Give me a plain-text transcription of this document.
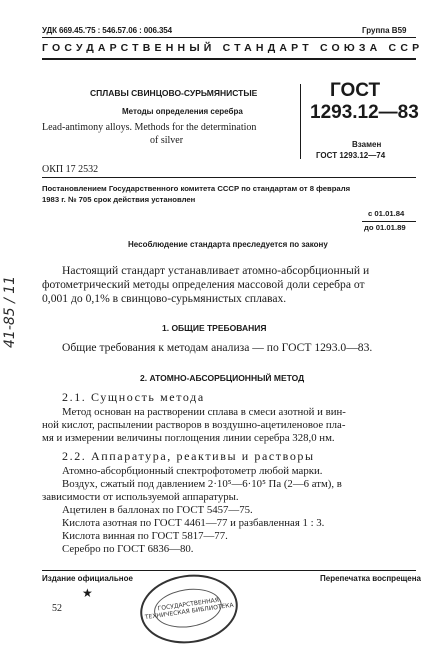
УДК 669.45.'75 : 546.57.06 : 006.354	Группа В59
ГОСУДАРСТВЕННЫЙ СТАНДАРТ СОЮЗА ССР
СПЛАВЫ СВИНЦОВО-СУРЬМЯНИСТЫЕ
Методы определения серебра
Lead-antimony alloys. Methods for the determination
of silver
ГОСТ
1293.12—83
Взамен
ГОСТ 1293.12—74
ОКП 17 2532
Постановлением Государственного комитета СССР по стандартам от 8 февраля
1983 г. № 705 срок действия установлен
с 01.01.84
до 01.01.89
Несоблюдение стандарта преследуется по закону
Настоящий стандарт устанавливает атомно-абсорбционный и
фотометрический методы определения массовой доли серебра от
0,001 до 0,1% в свинцово-сурьмянистых сплавах.
1. ОБЩИЕ ТРЕБОВАНИЯ
Общие требования к методам анализа — по ГОСТ 1293.0—83.
2. АТОМНО-АБСОРБЦИОННЫЙ МЕТОД
2.1. Сущность метода
Метод основан на растворении сплава в смеси азотной и вин-
ной кислот, распылении растворов в воздушно-ацетиленовое пла-
мя и измерении величины поглощения линии серебра 328,0 нм.
2.2. Аппаратура, реактивы и растворы
Атомно-абсорбционный спектрофотометр любой марки.
Воздух, сжатый под давлением 2·10⁵—6·10⁵ Па (2—6 атм), в
зависимости от используемой аппаратуры.
Ацетилен в баллонах по ГОСТ 5457—75.
Кислота азотная по ГОСТ 4461—77 и разбавленная 1 : 3.
Кислота винная по ГОСТ 5817—77.
Серебро по ГОСТ 6836—80.
Издание официальное	Перепечатка воспрещена
★
52	ГОСУДАРСТВЕННАЯ ТЕХНИЧЕСКАЯ БИБЛИОТЕКА
41-85 / 11
